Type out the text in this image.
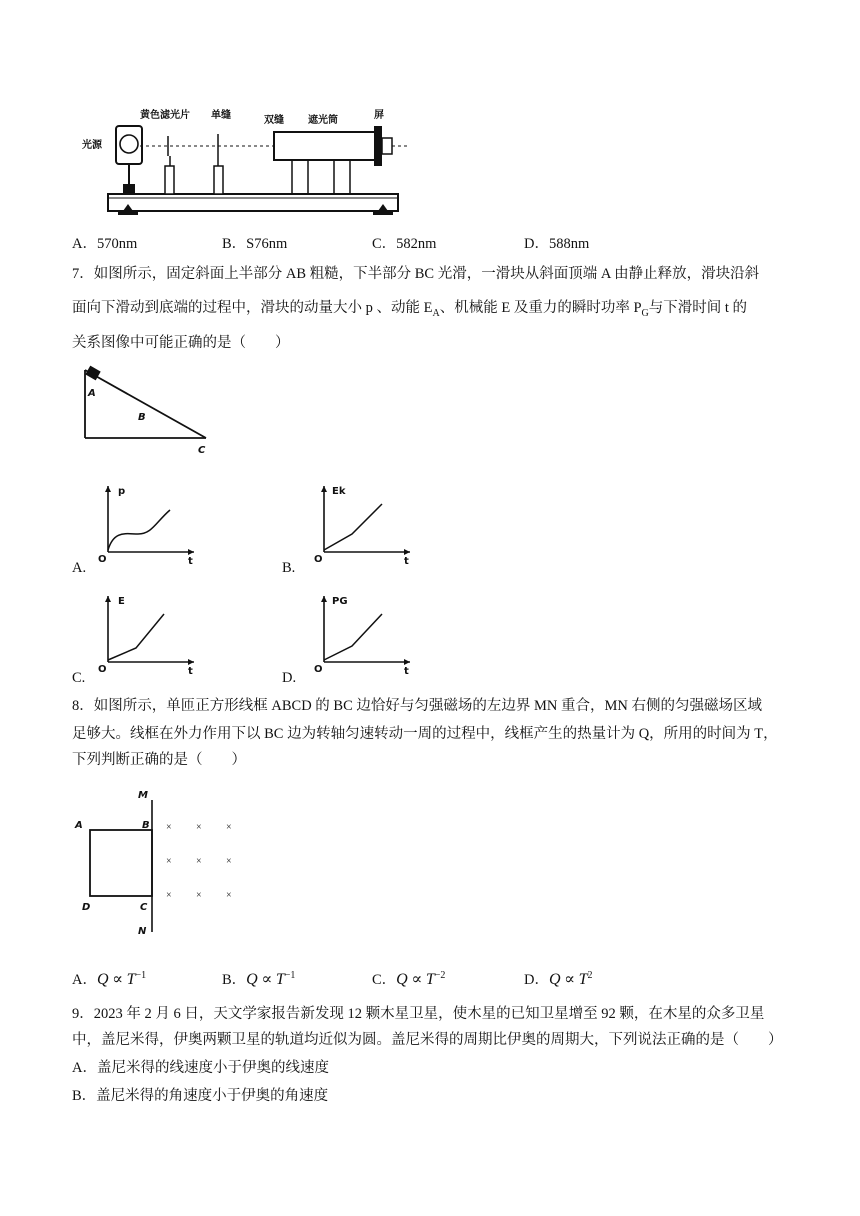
光源
黄色滤光片 单缝	双缝 遮光筒	屏
A．570nm	B．S76nm	C．582nm	D．588nm
7．如图所示，固定斜面上半部分 AB 粗糙，下半部分 BC 光滑，一滑块从斜面顶端 A 由静止释放，滑块沿斜
面向下滑动到底端的过程中，滑块的动量大小 p 、动能 $E_A$、机械能 E 及重力的瞬时功率 $P_G$与下滑时间 t 的
关系图像中可能正确的是（　　）
A
B
C
A.
p
O	t	B.
Ek
O	t
C.
E
O	t	D.
PG
O	t
8．如图所示，单匝正方形线框 ABCD 的 BC 边恰好与匀强磁场的左边界 MN 重合，MN 右侧的匀强磁场区域
足够大。线框在外力作用下以 BC 边为转轴匀速转动一周的过程中，线框产生的热量计为 Q，所用的时间为 T，
下列判断正确的是（　　）
M
N
A	B
C
D
× × ×
× × ×
× × ×
A．$Q \propto T^{-1}$	B．$Q \propto T^{-1}$	C．$Q \propto T^{-2}$	D．$Q \propto T^2$
9．2023 年 2 月 6 日，天文学家报告新发现 12 颗木星卫星，使木星的已知卫星增至 92 颗，在木星的众多卫星
中，盖尼米得，伊奥两颗卫星的轨道均近似为圆。盖尼米得的周期比伊奥的周期大，下列说法正确的是（　　）
A．盖尼米得的线速度小于伊奥的线速度
B．盖尼米得的角速度小于伊奥的角速度
